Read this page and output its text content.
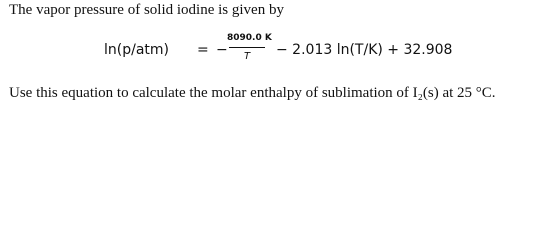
The vapor pressure of solid iodine is given by
ln(p/atm) = −
8090.0 K
T	− 2.013 ln(T/K) + 32.908
Use this equation to calculate the molar enthalpy of sublimation of I₂(s) at 25 °C.
